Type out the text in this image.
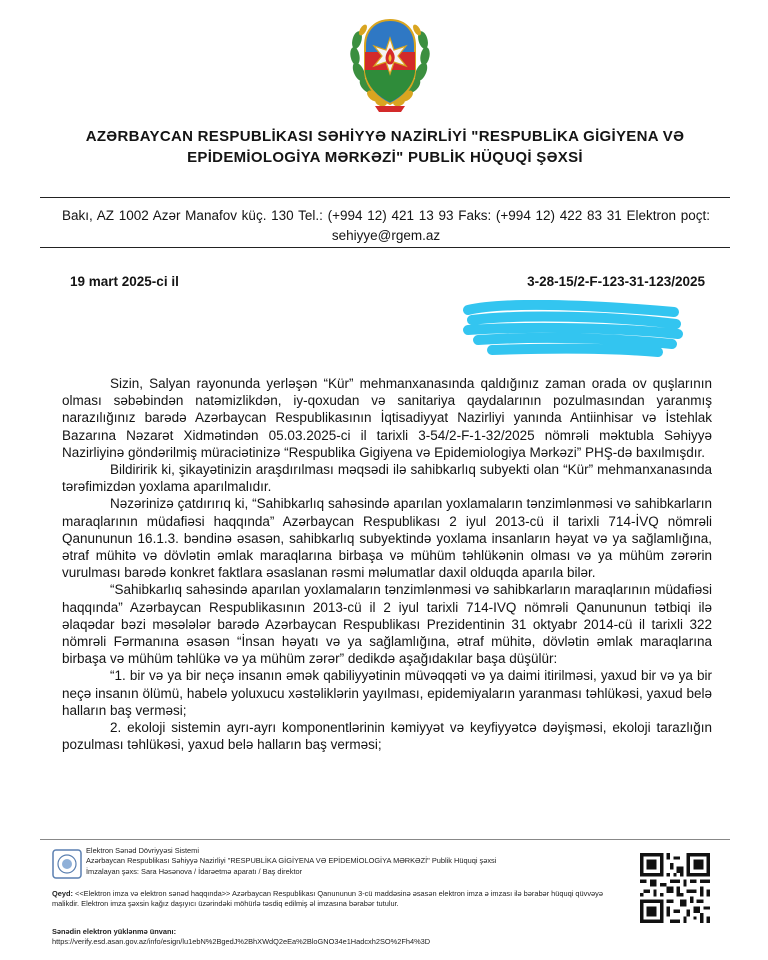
AZƏRBAYCAN RESPUBLİKASI SƏHİYYƏ NAZİRLİYİ "RESPUBLİKA GİGİYENA VƏ EPİDEMİOLOGİYA MƏRKƏZİ" PUBLİK HÜQUQİ ŞƏXSİ
Bakı, AZ 1002 Azər Manafov küç. 130 Tel.: (+994 12) 421 13 93 Faks: (+994 12) 422 83 31 Elektron poçt: sehiyye@rgem.az
19 mart 2025-ci il	3-28-15/2-F-123-31-123/2025

Sizin, Salyan rayonunda yerləşən “Kür” mehmanxanasında qaldığınız zaman orada ov quşlarının olması səbəbindən natəmizlikdən, iy-qoxudan və sanitariya qaydalarının pozulmasından yaranmış narazılığınız barədə Azərbaycan Respublikasının İqtisadiyyat Nazirliyi yanında Antiinhisar və İstehlak Bazarına Nəzarət Xidmətindən 05.03.2025-ci il tarixli 3-54/2-F-1-32/2025 nömrəli məktubla Səhiyyə Nazirliyinə göndərilmiş müraciətinizə “Respublika Gigiyena və Epidemiologiya Mərkəzi” PHŞ-də baxılmışdır.

Bildiririk ki, şikayətinizin araşdırılması məqsədi ilə sahibkarlıq subyekti olan “Kür” mehmanxanasında tərəfimizdən yoxlama aparılmalıdır.

Nəzərinizə çatdırırıq ki, “Sahibkarlıq sahəsində aparılan yoxlamaların tənzimlənməsi və sahibkarların maraqlarının müdafiəsi haqqında” Azərbaycan Respublikası 2 iyul 2013-cü il tarixli 714-İVQ nömrəli Qanununun 16.1.3. bəndinə əsasən, sahibkarlıq subyektində yoxlama insanların həyat və ya sağlamlığına, ətraf mühitə və dövlətin əmlak maraqlarına birbaşa və mühüm təhlükənin olması və ya mühüm zərərin vurulması barədə konkret faktlara əsaslanan rəsmi məlumatlar daxil olduqda aparıla bilər.

“Sahibkarlıq sahəsində aparılan yoxlamaların tənzimlənməsi və sahibkarların maraqlarının müdafiəsi haqqında” Azərbaycan Respublikasının 2013-cü il 2 iyul tarixli 714-IVQ nömrəli Qanununun tətbiqi ilə əlaqədar bəzi məsələlər barədə Azərbaycan Respublikası Prezidentinin 31 oktyabr 2014-cü il tarixli 322 nömrəli Fərmanına əsasən “İnsan həyatı və ya sağlamlığına, ətraf mühitə, dövlətin əmlak maraqlarına birbaşa və mühüm təhlükə və ya mühüm zərər” dedikdə aşağıdakılar başa düşülür:

“1. bir və ya bir neçə insanın əmək qabiliyyətinin müvəqqəti və ya daimi itirilməsi, yaxud bir və ya bir neçə insanın ölümü, habelə yoluxucu xəstəliklərin yayılması, epidemiyaların yaranması təhlükəsi, yaxud belə halların baş verməsi;

2. ekoloji sistemin ayrı-ayrı komponentlərinin kəmiyyət və keyfiyyətcə dəyişməsi, ekoloji tarazlığın pozulması təhlükəsi, yaxud belə halların baş verməsi;

Elektron Sənəd Dövriyyəsi Sistemi
Azərbaycan Respublikası Səhiyyə Nazirliyi "RESPUBLİKA GİGİYENA VƏ EPİDEMİOLOGİYA MƏRKƏZİ" Publik Hüquqi şəxsi
İmzalayan şəxs: Sara Həsənova / İdarəetmə aparatı / Baş direktor
Qeyd: <<Elektron imza və elektron sənəd haqqında>> Azərbaycan Respublikası Qanununun 3-cü maddəsinə əsasən elektron imza ə imzası ilə bərabər hüquqi qüvvəyə malikdir. Elektron imza şəxsin kağız daşıyıcı üzərindəki möhürlə təsdiq edilmiş əl imzasına bərabər tutulur.
Sənədin elektron yüklənmə ünvanı:
https://verify.esd.asan.gov.az/info/esign/lu1ebN%2BgedJ%2BhXWdQ2eEa%2BloGNO34e1Hadcxh2SO%2Fh4%3D
